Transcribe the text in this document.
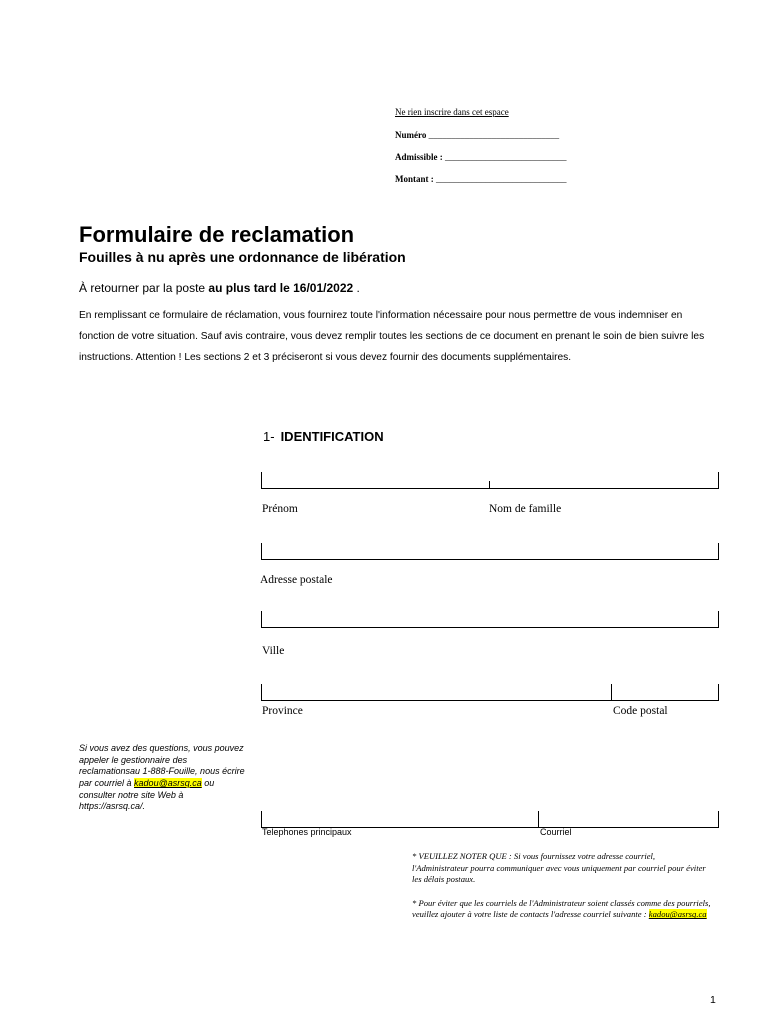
Ne rien inscrire dans cet espace
Numéro _____________________________
Admissible : ___________________________
Montant : _____________________________
Formulaire de reclamation
Fouilles à nu après une ordonnance de libération
À retourner par la poste au plus tard le 16/01/2022 .

En remplissant ce formulaire de réclamation, vous fournirez toute l'information nécessaire pour nous permettre de vous indemniser en fonction de votre situation. Sauf avis contraire, vous devez remplir toutes les sections de ce document en prenant le soin de bien suivre les instructions. Attention ! Les sections 2 et 3 préciseront si vous devez fournir des documents supplémentaires.

1- IDENTIFICATION
Prénom	Nom de famille
Adresse postale
Ville
Province	Code postal
Telephones principaux	Courriel
Si vous avez des questions, vous pouvez appeler le gestionnaire des reclamationsau 1-888-Fouille, nous écrire par courriel à kadou@asrsq.ca ou consulter notre site Web à https://asrsq.ca/.

* VEUILLEZ NOTER QUE : Si vous fournissez votre adresse courriel, l'Administrateur pourra communiquer avec vous uniquement par courriel pour éviter les délais postaux.

* Pour éviter que les courriels de l'Administrateur soient classés comme des pourriels, veuillez ajouter à votre liste de contacts l'adresse courriel suivante : kadou@asrsq.ca

1
